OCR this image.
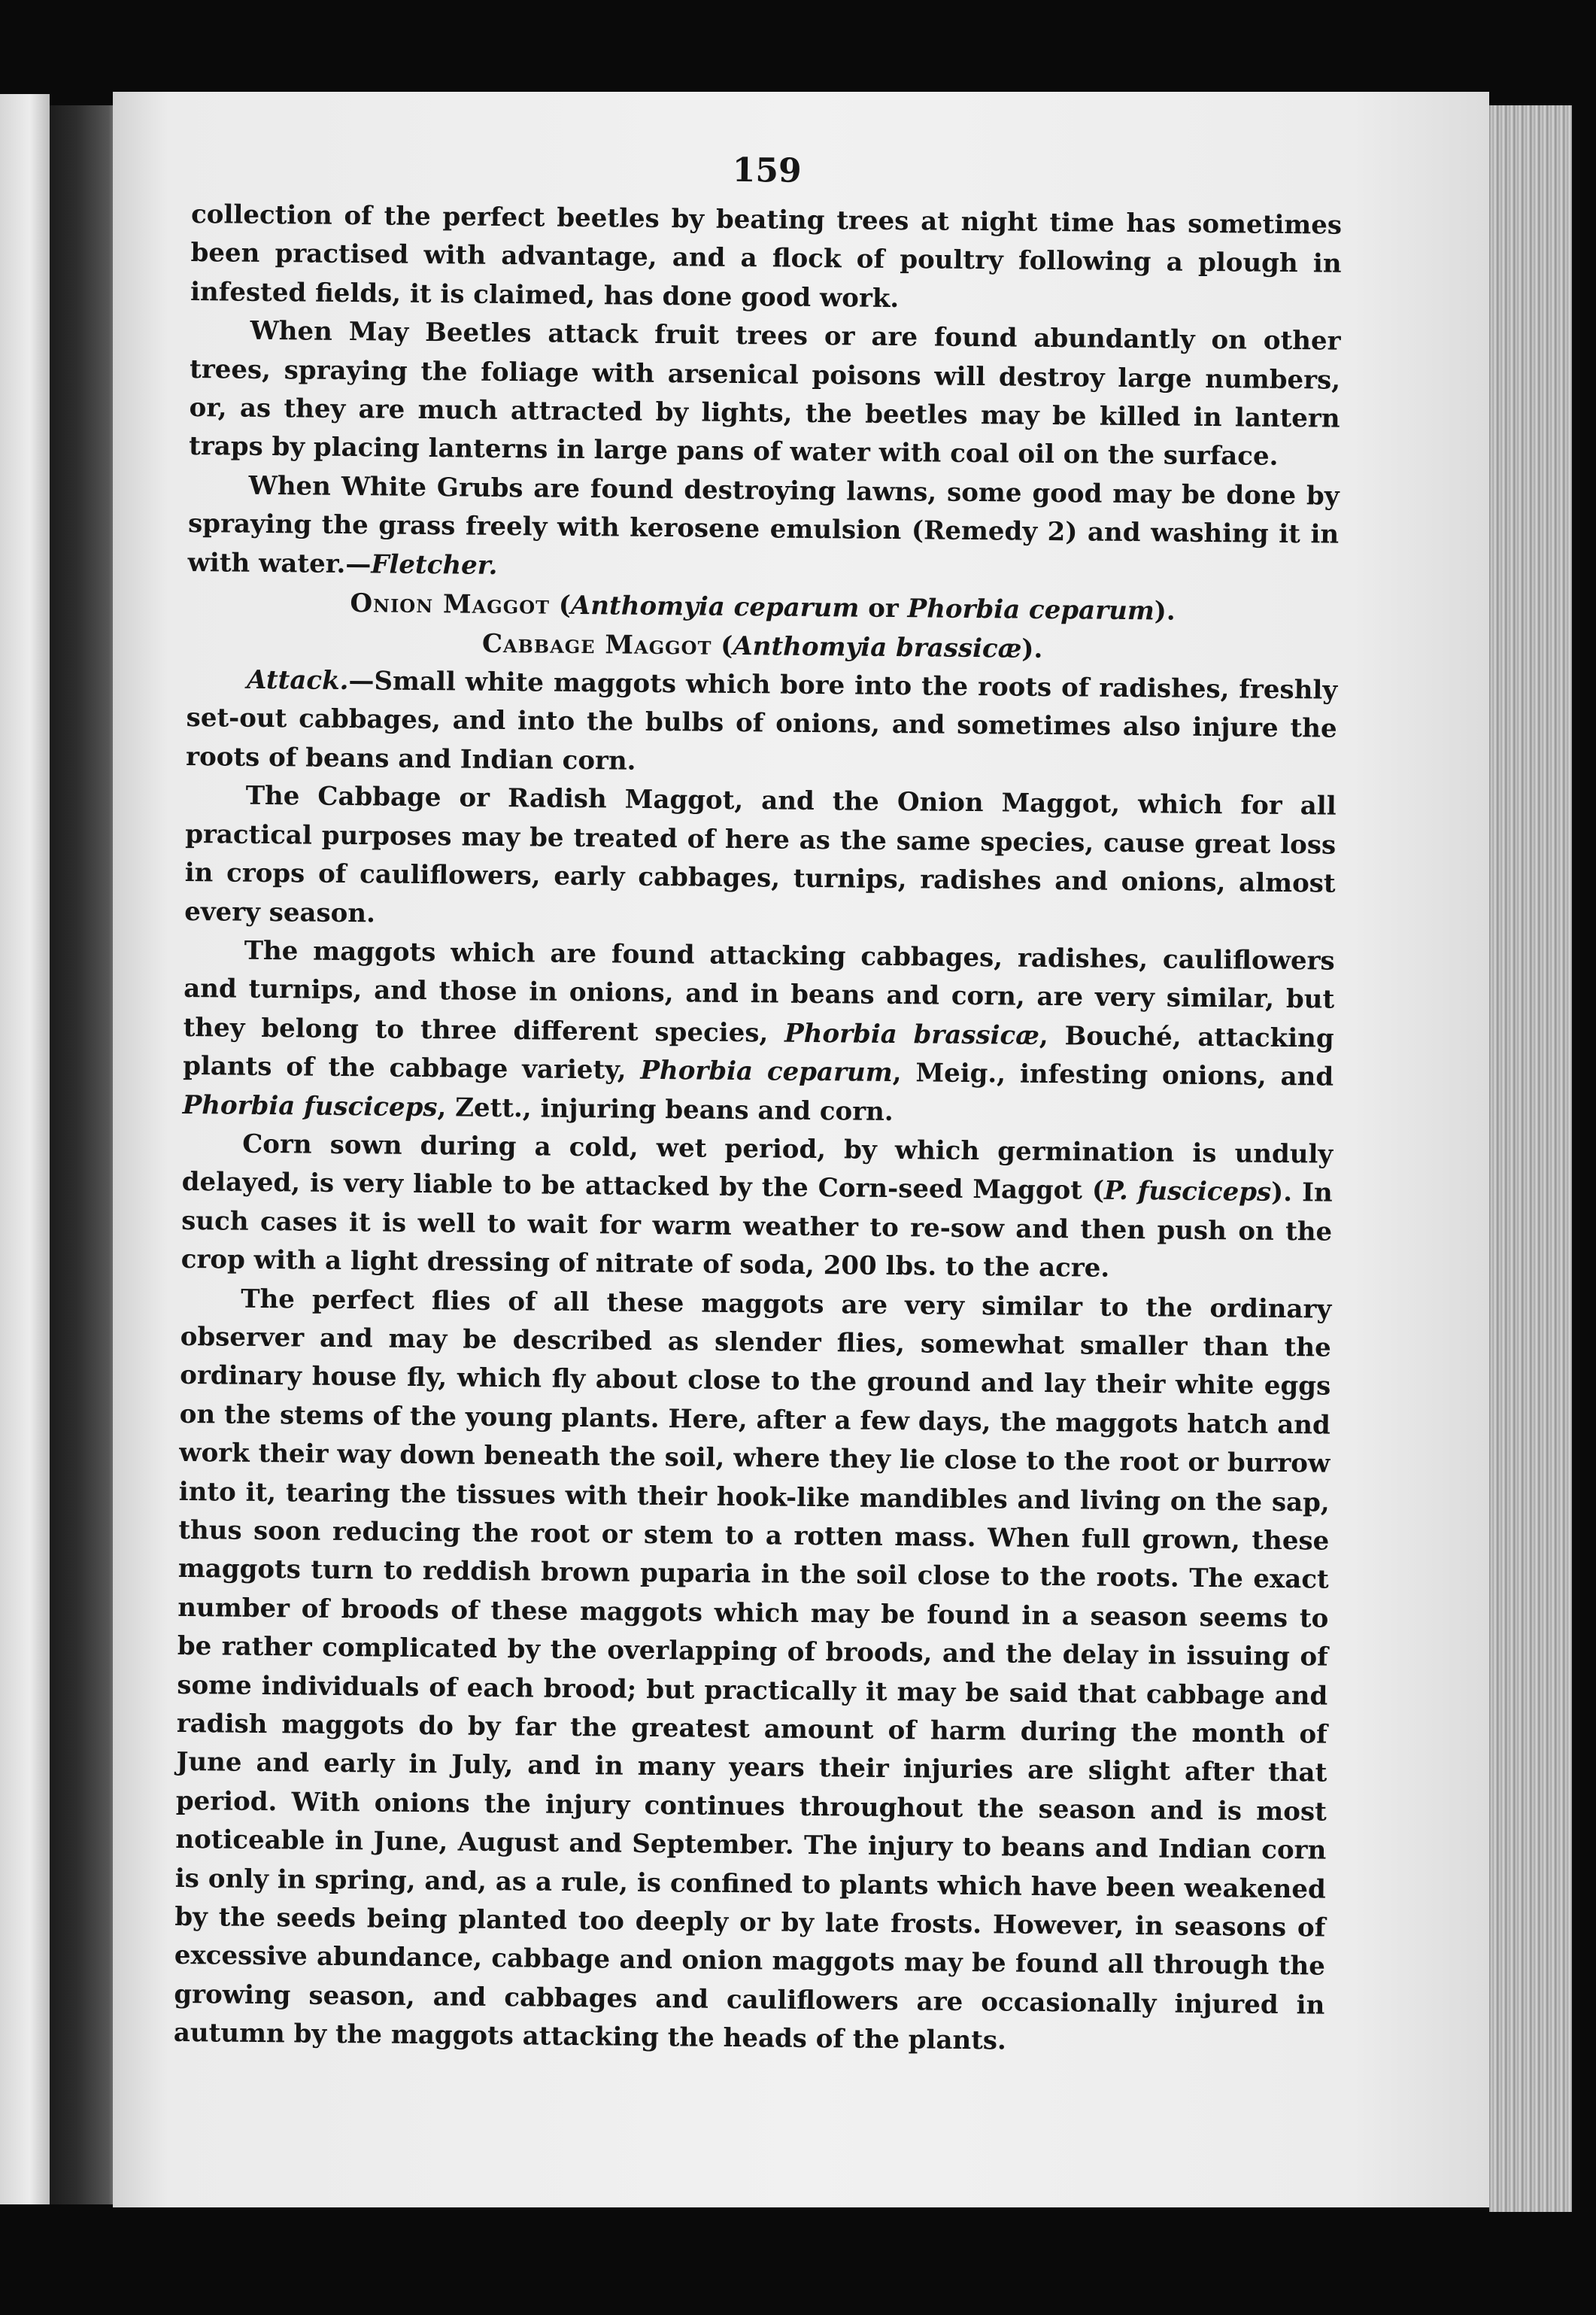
159

collection of the perfect beetles by beating trees at night time has sometimes been practised with advantage, and a flock of poultry following a plough in infested fields, it is claimed, has done good work.

When May Beetles attack fruit trees or are found abundantly on other trees, spraying the foliage with arsenical poisons will destroy large numbers, or, as they are much attracted by lights, the beetles may be killed in lantern traps by placing lanterns in large pans of water with coal oil on the surface.

When White Grubs are found destroying lawns, some good may be done by spraying the grass freely with kerosene emulsion (Remedy 2) and washing it in with water.—Fletcher.

Onion Maggot (Anthomyia ceparum or Phorbia ceparum).
Cabbage Maggot (Anthomyia brassicæ).

Attack.—Small white maggots which bore into the roots of radishes, freshly set-out cabbages, and into the bulbs of onions, and sometimes also injure the roots of beans and Indian corn.

The Cabbage or Radish Maggot, and the Onion Maggot, which for all practical purposes may be treated of here as the same species, cause great loss in crops of cauliflowers, early cabbages, turnips, radishes and onions, almost every season.

The maggots which are found attacking cabbages, radishes, cauliflowers and turnips, and those in onions, and in beans and corn, are very similar, but they belong to three different species, Phorbia brassicæ, Bouché, attacking plants of the cabbage variety, Phorbia ceparum, Meig., infesting onions, and Phorbia fusciceps, Zett., injuring beans and corn.

Corn sown during a cold, wet period, by which germination is unduly delayed, is very liable to be attacked by the Corn-seed Maggot (P. fusciceps). In such cases it is well to wait for warm weather to re-sow and then push on the crop with a light dressing of nitrate of soda, 200 lbs. to the acre.

The perfect flies of all these maggots are very similar to the ordinary observer and may be described as slender flies, somewhat smaller than the ordinary house fly, which fly about close to the ground and lay their white eggs on the stems of the young plants. Here, after a few days, the maggots hatch and work their way down beneath the soil, where they lie close to the root or burrow into it, tearing the tissues with their hook-like mandibles and living on the sap, thus soon reducing the root or stem to a rotten mass. When full grown, these maggots turn to reddish brown puparia in the soil close to the roots. The exact number of broods of these maggots which may be found in a season seems to be rather complicated by the overlapping of broods, and the delay in issuing of some individuals of each brood; but practically it may be said that cabbage and radish maggots do by far the greatest amount of harm during the month of June and early in July, and in many years their injuries are slight after that period. With onions the injury continues throughout the season and is most noticeable in June, August and September. The injury to beans and Indian corn is only in spring, and, as a rule, is confined to plants which have been weakened by the seeds being planted too deeply or by late frosts. However, in seasons of excessive abundance, cabbage and onion maggots may be found all through the growing season, and cabbages and cauliflowers are occasionally injured in autumn by the maggots attacking the heads of the plants.
